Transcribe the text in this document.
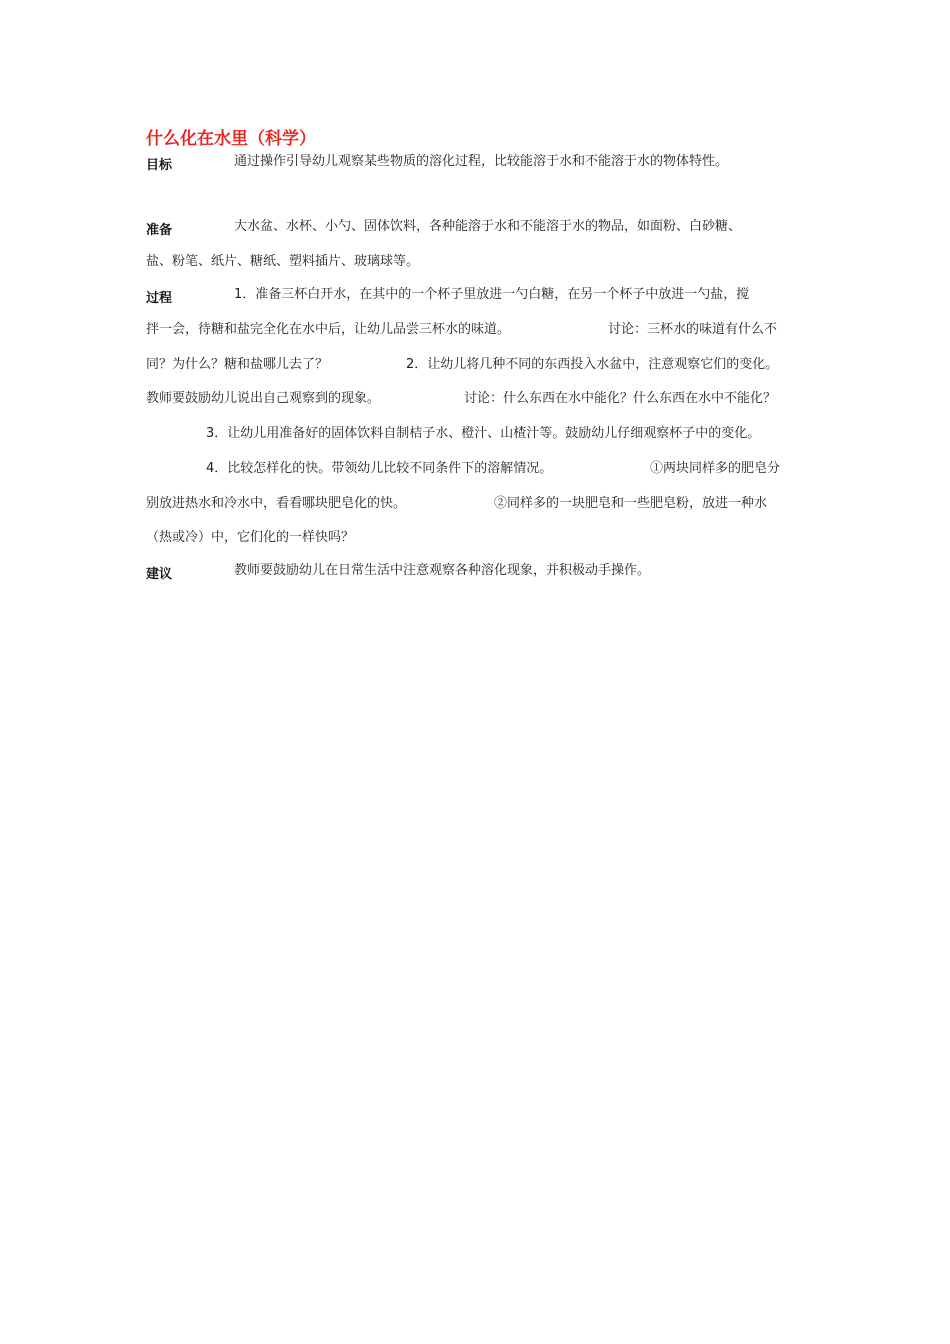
什么化在水里（科学）
目标	通过操作引导幼儿观察某些物质的溶化过程，比较能溶于水和不能溶于水的物体特性。
准备	大水盆、水杯、小勺、固体饮料，各种能溶于水和不能溶于水的物品，如面粉、白砂糖、
盐、粉笔、纸片、糖纸、塑料插片、玻璃球等。
过程	1．准备三杯白开水，在其中的一个杯子里放进一勺白糖，在另一个杯子中放进一勺盐，搅
拌一会，待糖和盐完全化在水中后，让幼儿品尝三杯水的味道。	讨论：三杯水的味道有什么不
同？为什么？糖和盐哪儿去了？	2．让幼儿将几种不同的东西投入水盆中，注意观察它们的变化。
教师要鼓励幼儿说出自己观察到的现象。	讨论：什么东西在水中能化？什么东西在水中不能化？
3．让幼儿用准备好的固体饮料自制桔子水、橙汁、山楂汁等。鼓励幼儿仔细观察杯子中的变化。
4．比较怎样化的快。带领幼儿比较不同条件下的溶解情况。	①两块同样多的肥皂分
别放进热水和冷水中，看看哪块肥皂化的快。	②同样多的一块肥皂和一些肥皂粉，放进一种水
（热或冷）中，它们化的一样快吗？
建议	教师要鼓励幼儿在日常生活中注意观察各种溶化现象，并积极动手操作。
